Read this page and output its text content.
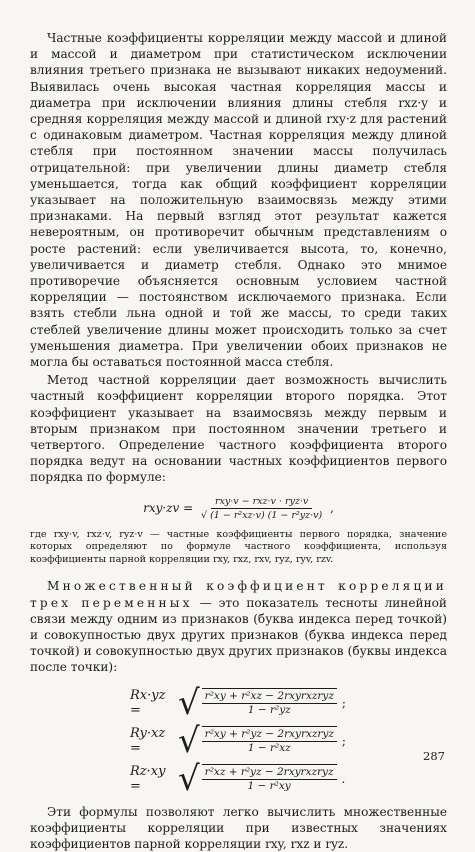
Частные коэффициенты корреляции между массой и длиной и массой и диаметром при статистическом исключении влияния третьего признака не вызывают никаких недоумений. Выявилась очень высокая частная корреляция массы и диаметра при исключении влияния длины стебля rxz·y и средняя корреляция между массой и длиной rxy·z для растений с одинаковым диаметром. Частная корреляция между длиной стебля при постоянном значении массы получилась отрицательной: при увеличении длины диаметр стебля уменьшается, тогда как общий коэффициент корреляции указывает на положительную взаимосвязь между этими признаками. На первый взгляд этот результат кажется невероятным, он противоречит обычным представлениям о росте растений: если увеличивается высота, то, конечно, увеличивается и диаметр стебля. Однако это мнимое противоречие объясняется основным условием частной корреляции — постоянством исключаемого признака. Если взять стебли льна одной и той же массы, то среди таких стеблей увеличение длины может происходить только за счет уменьшения диаметра. При увеличении обоих признаков не могла бы оставаться постоянной масса стебля.

Метод частной корреляции дает возможность вычислить частный коэффициент корреляции второго порядка. Этот коэффициент указывает на взаимосвязь между первым и вторым признаком при постоянном значении третьего и четвертого. Определение частного коэффициента второго порядка ведут на основании частных коэффициентов первого порядка по формуле:

$rxy\cdot zv = \frac{\text{rxy·v − rxz·v · ryz·v}}{\text{√ (1 − r²xz·v) (1 − r²yz·v)}}$ ,
где rxy·v, rxz·v, ryz·v — частные коэффициенты первого порядка, значение которых определяют по формуле частного коэффициента, используя коэффициенты парной корреляции rxy, rxz, rxv, ryz, ryv, rzv.

Множественный коэффициент корреляции трех переменных — это показатель тесноты линейной связи между одним из признаков (буква индекса перед точкой) и совокупностью двух других признаков (буква индекса перед точкой) и совокупностью двух других признаков (буквы индекса после точки):

Rx·yz =	√ $\frac{\text{r²xy + r²xz − 2rxyrxzryz}}{\text{1 − r²yz}}$ ;
Ry·xz =	√ $\frac{\text{r²xy + r²yz − 2rxyrxzryz}}{\text{1 − r²xz}}$ ;
Rz·xy =	√ $\frac{\text{r²xz + r²yz − 2rxyrxzryz}}{\text{1 − r²xy}}$ .

Эти формулы позволяют легко вычислить множественные коэффициенты корреляции при известных значениях коэффициентов парной корреляции rxy, rxz и ryz.

287
